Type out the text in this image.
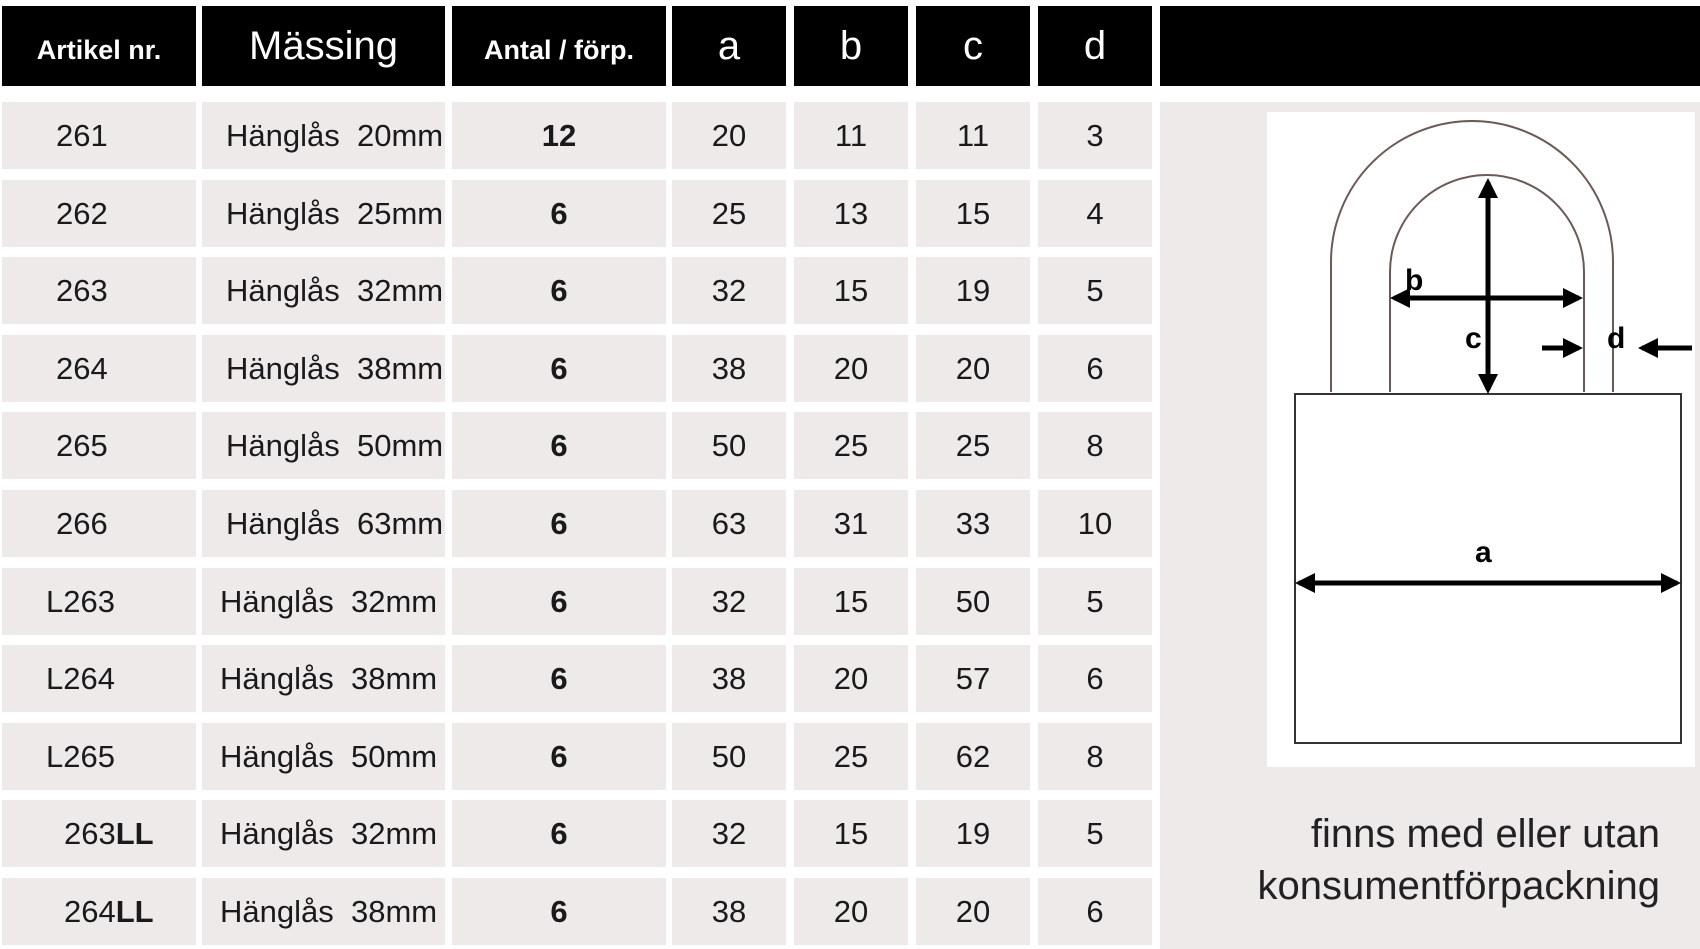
Artikel nr.	Mässing	Antal / förp.	a	b	c	d
261	Hänglås  20mm	12	20	11	11	3
262	Hänglås  25mm	6	25	13	15	4
263	Hänglås  32mm	6	32	15	19	5
264	Hänglås  38mm	6	38	20	20	6
265	Hänglås  50mm	6	50	25	25	8
266	Hänglås  63mm	6	63	31	33	10
L263	Hänglås  32mm	6	32	15	50	5
L264	Hänglås  38mm	6	38	20	57	6
L265	Hänglås  50mm	6	50	25	62	8
263 LL	Hänglås  32mm	6	32	15	19	5
264 LL	Hänglås  38mm	6	38	20	20	6
b
c	d
a
finns med eller utan
konsumentförpackning
